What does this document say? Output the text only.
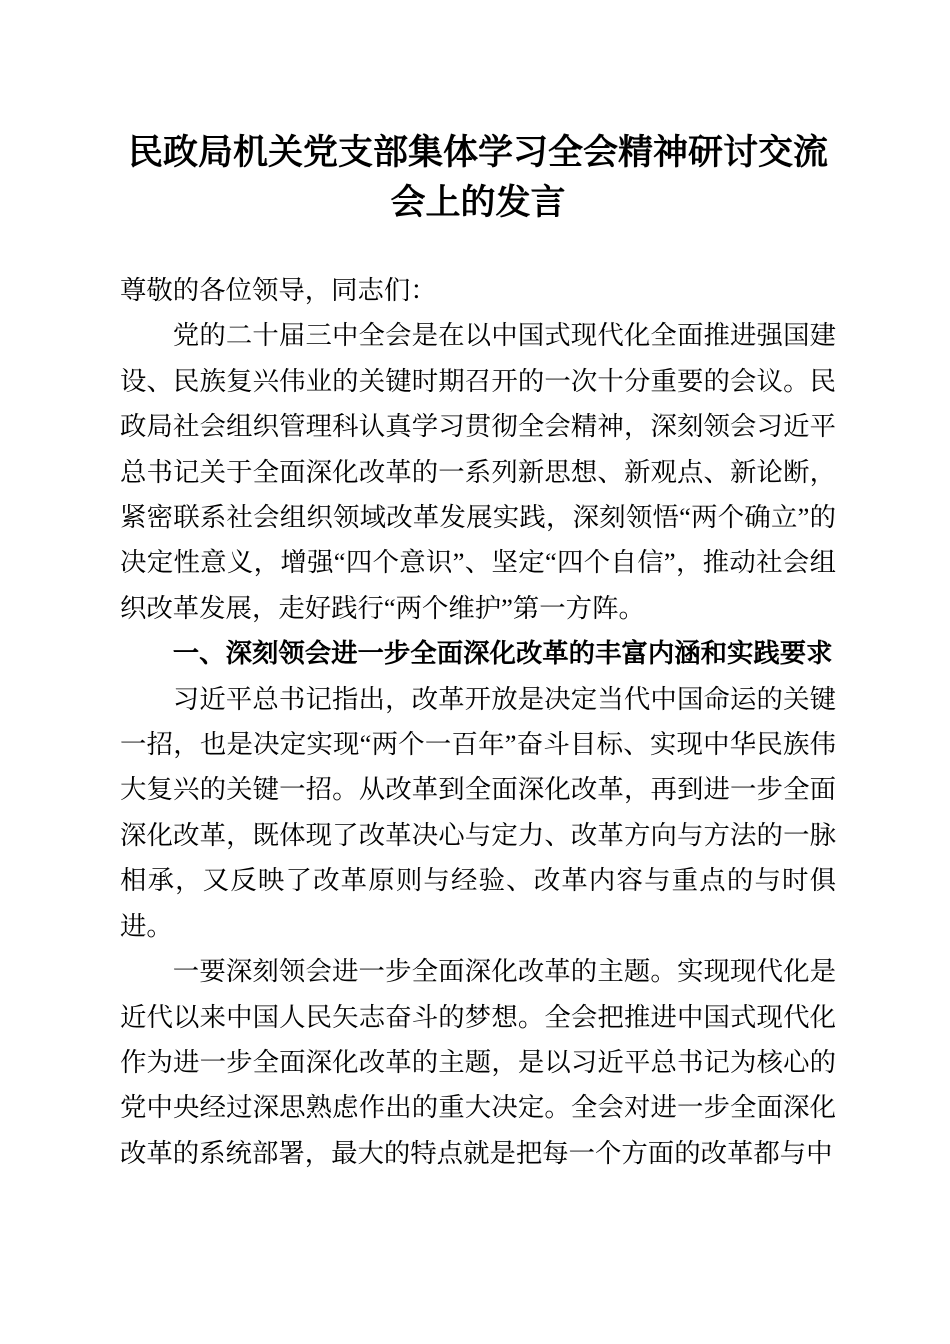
民政局机关党支部集体学习全会精神研讨交流会上的发言

尊敬的各位领导，同志们：

党的二十届三中全会是在以中国式现代化全面推进强国建设、民族复兴伟业的关键时期召开的一次十分重要的会议。民政局社会组织管理科认真学习贯彻全会精神，深刻领会习近平总书记关于全面深化改革的一系列新思想、新观点、新论断，紧密联系社会组织领域改革发展实践，深刻领悟“两个确立”的决定性意义，增强“四个意识”、坚定“四个自信”，推动社会组织改革发展，走好践行“两个维护”第一方阵。

一、深刻领会进一步全面深化改革的丰富内涵和实践要求

习近平总书记指出，改革开放是决定当代中国命运的关键一招，也是决定实现“两个一百年”奋斗目标、实现中华民族伟大复兴的关键一招。从改革到全面深化改革，再到进一步全面深化改革，既体现了改革决心与定力、改革方向与方法的一脉相承，又反映了改革原则与经验、改革内容与重点的与时俱进。

一要深刻领会进一步全面深化改革的主题。实现现代化是近代以来中国人民矢志奋斗的梦想。全会把推进中国式现代化作为进一步全面深化改革的主题，是以习近平总书记为核心的党中央经过深思熟虑作出的重大决定。全会对进一步全面深化改革的系统部署，最大的特点就是把每一个方面的改革都与中
